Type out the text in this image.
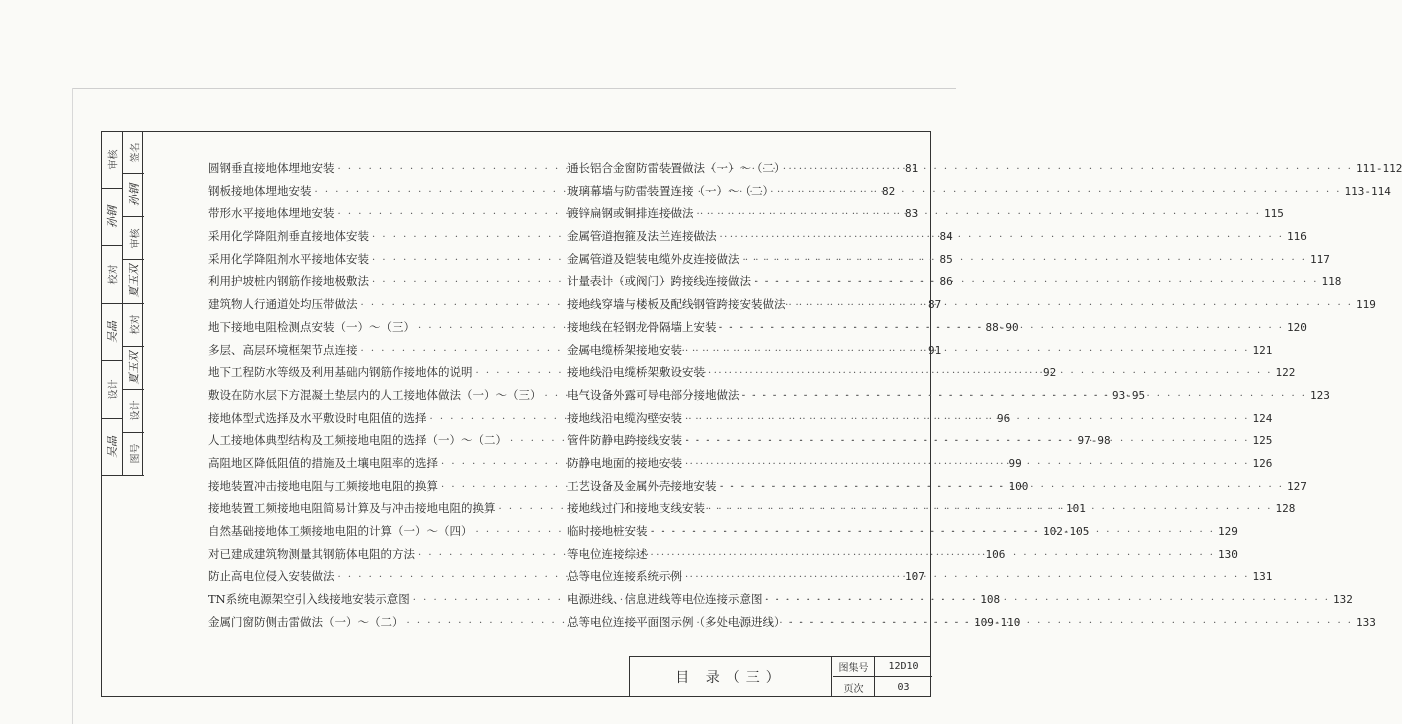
审核
孙钢
校对
吴晶
设计
吴晶
签名
孙钢
审核
夏玉双
校对
夏玉双
设计
图号
圆钢垂直接地体埋地安装 · · ·	81
钢板接地体埋地安装 · · ·	82
带形水平接地体埋地安装 · · ·	83
采用化学降阻剂垂直接地体安装 · · ·	84
采用化学降阻剂水平接地体安装 · · ·	85
利用护坡桩内钢筋作接地极敷法 · · ·	86
建筑物人行通道处均压带做法 · · ·	87
地下接地电阻检测点安装（一）～（三） · · ·	88-90
多层、高层环境框架节点连接 · · ·	91
地下工程防水等级及利用基础内钢筋作接地体的说明 · · ·	92
敷设在防水层下方混凝土垫层内的人工接地体做法（一）～（三） · · ·	93-95
接地体型式选择及水平敷设时电阻值的选择 · · ·	96
人工接地体典型结构及工频接地电阻的选择（一）～（二） · · ·	97-98
高阻地区降低阻值的措施及土壤电阻率的选择 · · ·	99
接地装置冲击接地电阻与工频接地电阻的换算 · · ·	100
接地装置工频接地电阻简易计算及与冲击接地电阻的换算 · · ·	101
自然基础接地体工频接地电阻的计算（一）～（四） · · ·	102-105
对已建成建筑物测量其钢筋体电阻的方法 · · ·	106
防止高电位侵入安装做法 · · ·	107
TN系统电源架空引入线接地安装示意图 · · ·	108
金属门窗防侧击雷做法（一）～（二） · · ·	109-110
通长铝合金窗防雷装置做法（一）～（二） · · ·	111-112
玻璃幕墙与防雷装置连接（一）～（二） · · ·	113-114
镀锌扁钢或铜排连接做法 · · ·	115
金属管道抱箍及法兰连接做法 · · ·	116
金属管道及铠装电缆外皮连接做法 · · ·	117
计量表计（或阀门）跨接线连接做法 · · ·	118
接地线穿墙与楼板及配线钢管跨接安装做法 · · ·	119
接地线在轻钢龙骨隔墙上安装 · · ·	120
金属电缆桥架接地安装 · · ·	121
接地线沿电缆桥架敷设安装 · · ·	122
电气设备外露可导电部分接地做法 · · ·	123
接地线沿电缆沟壁安装 · · ·	124
管件防静电跨接线安装 · · ·	125
防静电地面的接地安装 · · ·	126
工艺设备及金属外壳接地安装 · · ·	127
接地线过门和接地支线安装 · · ·	128
临时接地桩安装 · · ·	129
等电位连接综述 · · ·	130
总等电位连接系统示例 · · ·	131
电源进线、信息进线等电位连接示意图 · · ·	132
总等电位连接平面图示例（多处电源进线） · · ·	133
目 录（三）
图集号	12D10
页次	03
